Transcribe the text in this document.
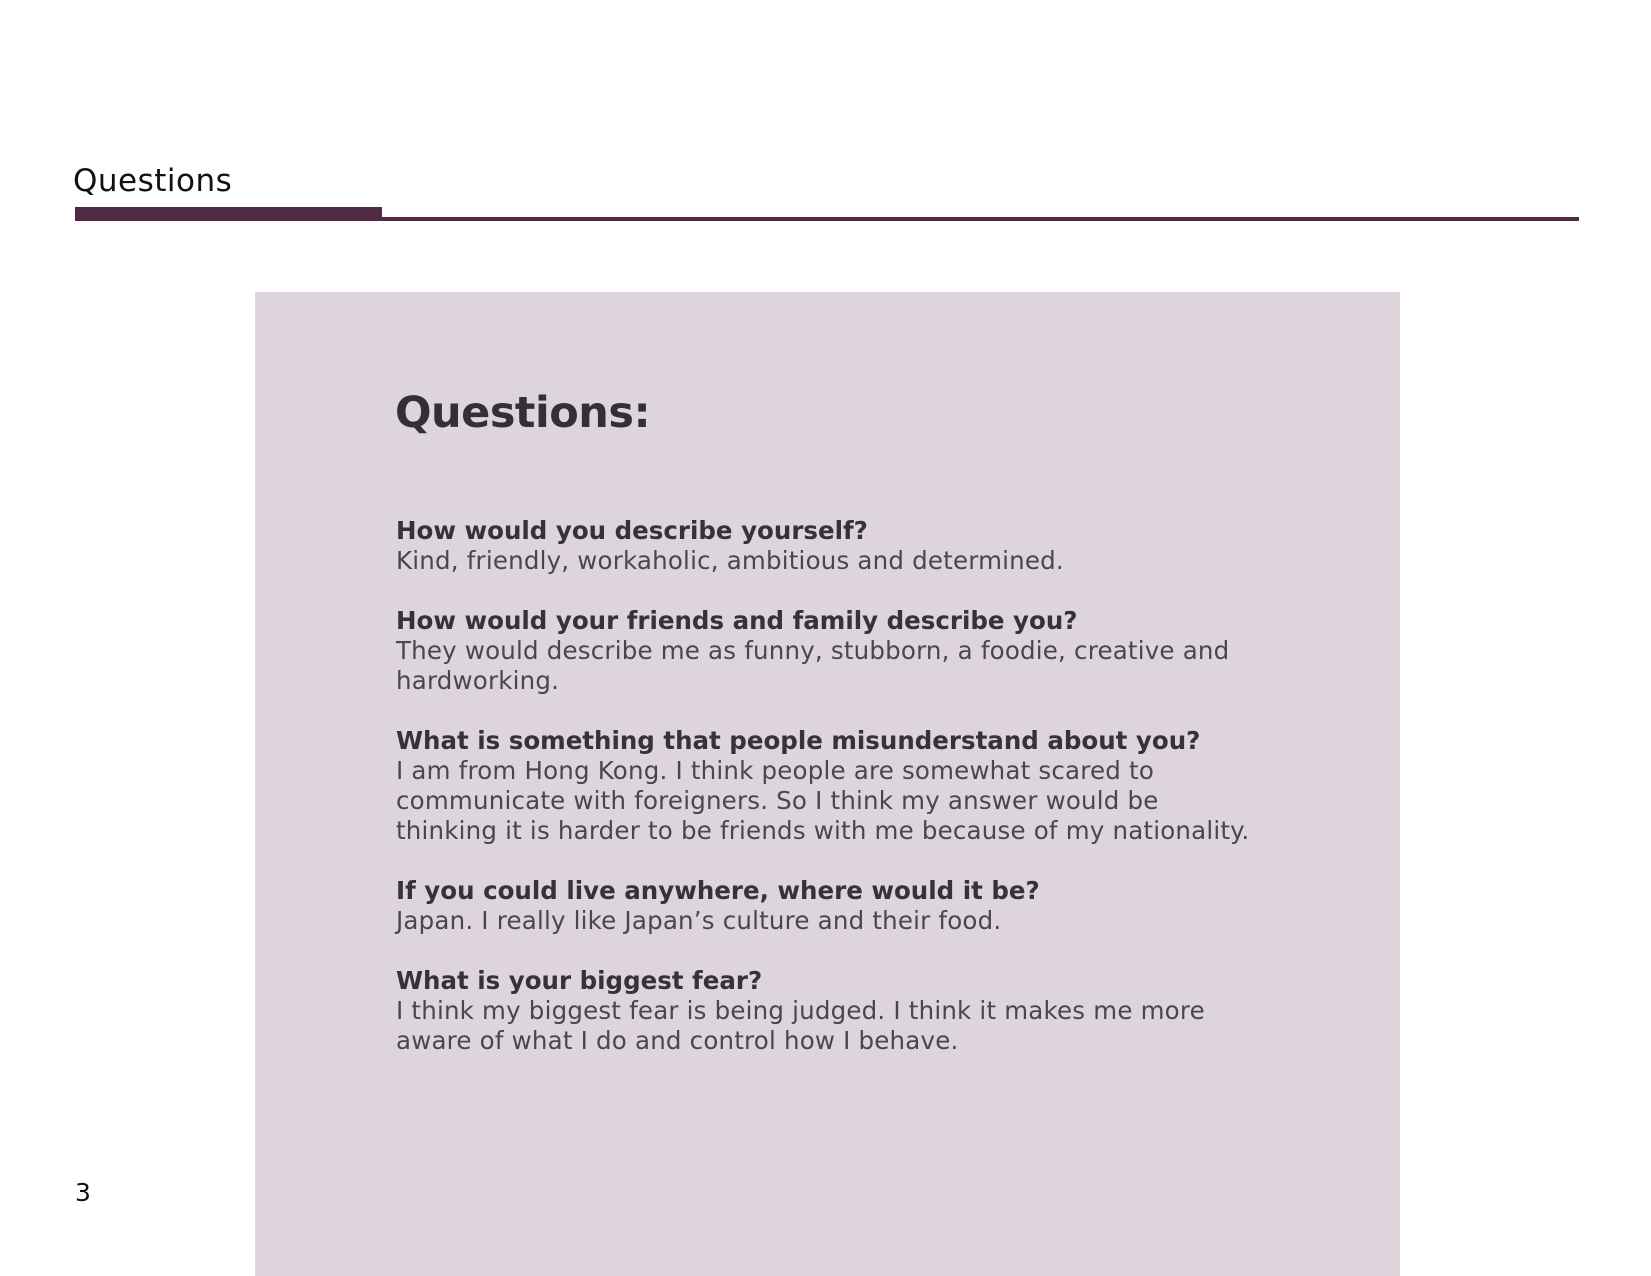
Questions
Questions:

How would you describe yourself?

Kind, friendly, workaholic, ambitious and determined.

How would your friends and family describe you?

They would describe me as funny, stubborn, a foodie, creative and hardworking.

What is something that people misunderstand about you?

I am from Hong Kong. I think people are somewhat scared to communicate with foreigners. So I think my answer would be thinking it is harder to be friends with me because of my nationality.

If you could live anywhere, where would it be?

Japan. I really like Japan’s culture and their food.

What is your biggest fear?

I think my biggest fear is being judged. I think it makes me more aware of what I do and control how I behave.

3
